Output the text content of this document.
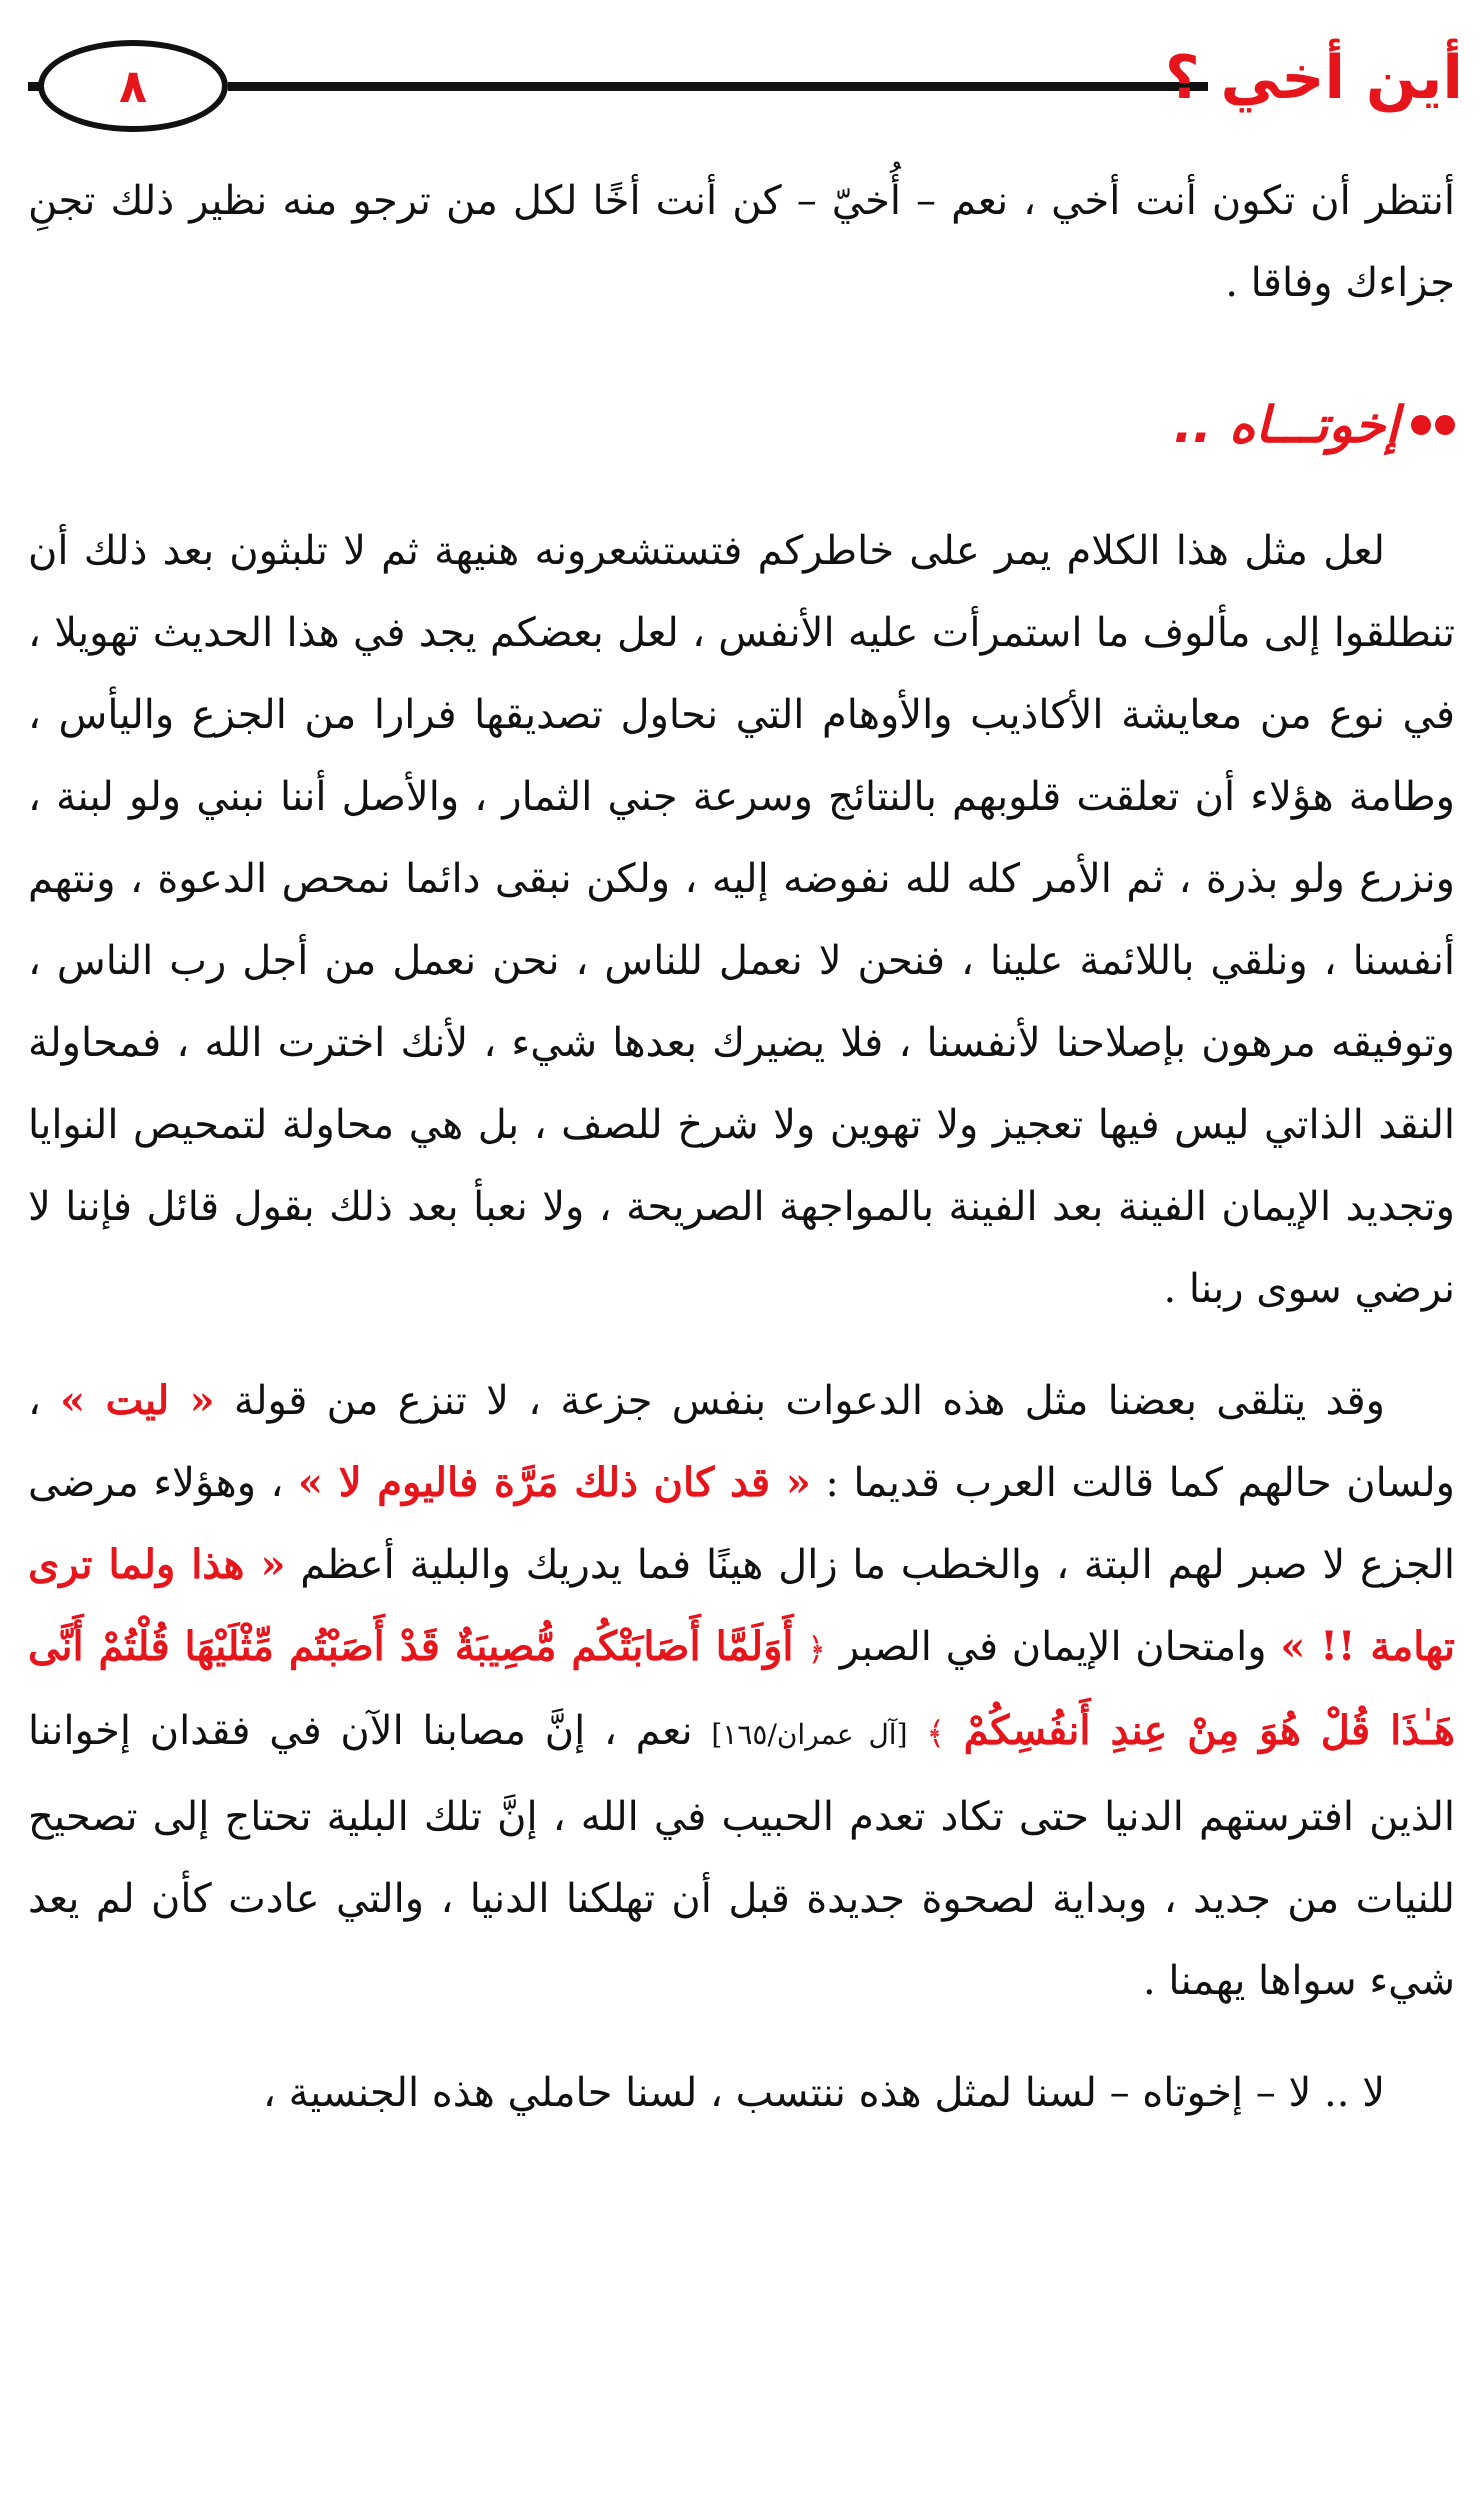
٨	أين أخي ؟

أنتظر أن تكون أنت أخي ، نعم – أُخيّ – كن أنت أخًا لكل من ترجو منه نظير ذلك تجنِ جزاءك وفاقا .

إخوتـــاه ..

لعل مثل هذا الكلام يمر على خاطركم فتستشعرونه هنيهة ثم لا تلبثون بعد ذلك أن تنطلقوا إلى مألوف ما استمرأت عليه الأنفس ، لعل بعضكم يجد في هذا الحديث تهويلا ، في نوع من معايشة الأكاذيب والأوهام التي نحاول تصديقها فرارا من الجزع واليأس ، وطامة هؤلاء أن تعلقت قلوبهم بالنتائج وسرعة جني الثمار ، والأصل أننا نبني ولو لبنة ، ونزرع ولو بذرة ، ثم الأمر كله لله نفوضه إليه ، ولكن نبقى دائما نمحص الدعوة ، ونتهم أنفسنا ، ونلقي باللائمة علينا ، فنحن لا نعمل للناس ، نحن نعمل من أجل رب الناس ، وتوفيقه مرهون بإصلاحنا لأنفسنا ، فلا يضيرك بعدها شيء ، لأنك اخترت الله ، فمحاولة النقد الذاتي ليس فيها تعجيز ولا تهوين ولا شرخ للصف ، بل هي محاولة لتمحيص النوايا وتجديد الإيمان الفينة بعد الفينة بالمواجهة الصريحة ، ولا نعبأ بعد ذلك بقول قائل فإننا لا نرضي سوى ربنا .

وقد يتلقى بعضنا مثل هذه الدعوات بنفس جزعة ، لا تنزع من قولة « ليت » ، ولسان حالهم كما قالت العرب قديما : « قد كان ذلك مَرَّة فاليوم لا » ، وهؤلاء مرضى الجزع لا صبر لهم البتة ، والخطب ما زال هينًا فما يدريك والبلية أعظم « هذا ولما ترى تهامة !! » وامتحان الإيمان في الصبر ﴿ أَوَلَمَّا أَصَابَتْكُم مُّصِيبَةٌ قَدْ أَصَبْتُم مِّثْلَيْهَا قُلْتُمْ أَنَّى هَـٰذَا قُلْ هُوَ مِنْ عِندِ أَنفُسِكُمْ ﴾ [آل عمران/١٦٥] نعم ، إنَّ مصابنا الآن في فقدان إخواننا الذين افترستهم الدنيا حتى تكاد تعدم الحبيب في الله ، إنَّ تلك البلية تحتاج إلى تصحيح للنيات من جديد ، وبداية لصحوة جديدة قبل أن تهلكنا الدنيا ، والتي عادت كأن لم يعد شيء سواها يهمنا .

لا .. لا – إخوتاه – لسنا لمثل هذه ننتسب ، لسنا حاملي هذه الجنسية ،
